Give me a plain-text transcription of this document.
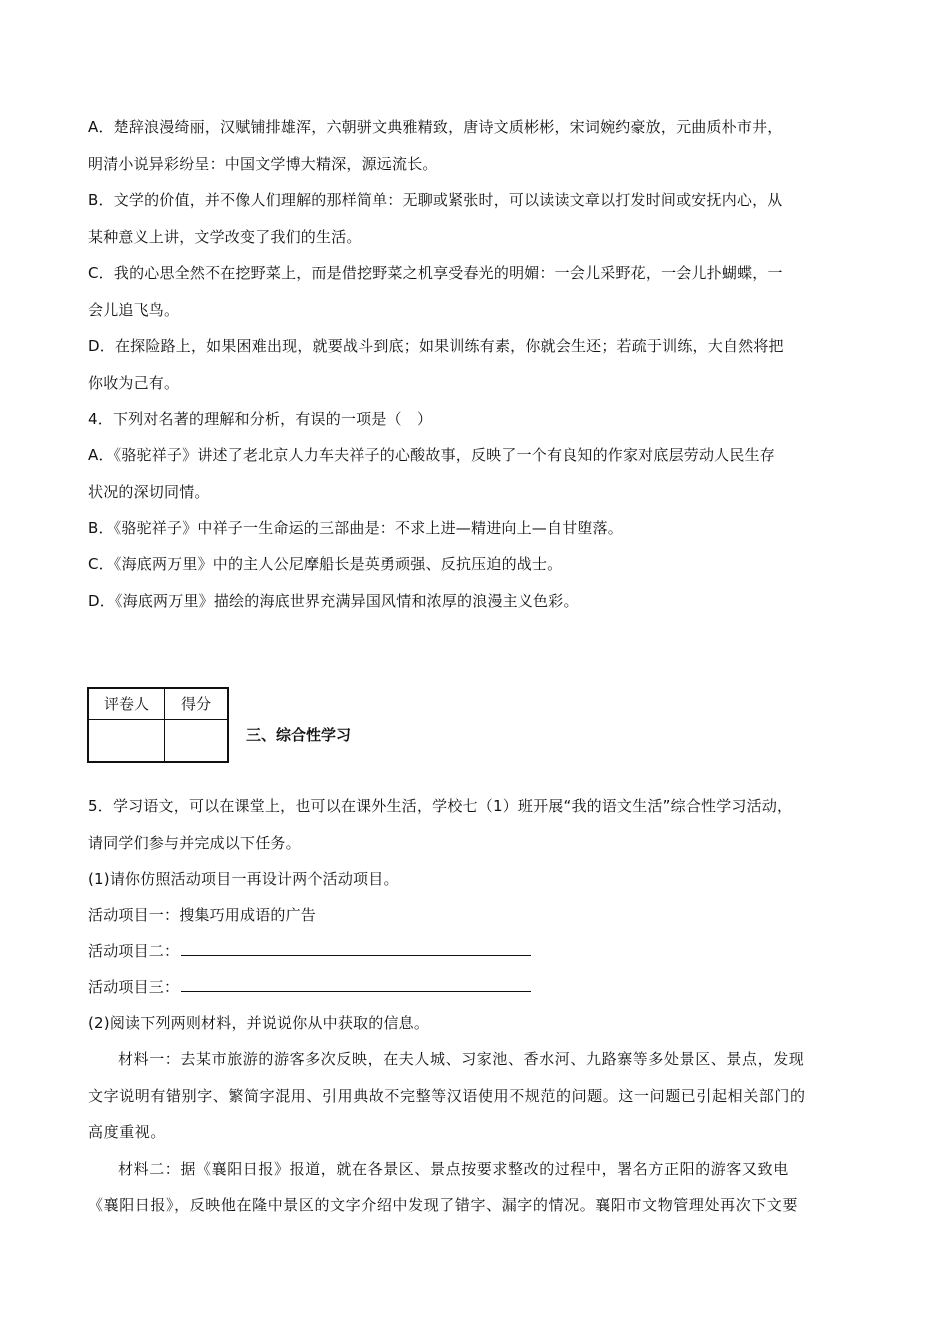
A．楚辞浪漫绮丽，汉赋铺排雄浑，六朝骈文典雅精致，唐诗文质彬彬，宋词婉约豪放，元曲质朴市井，
明清小说异彩纷呈：中国文学博大精深，源远流长。
B．文学的价值，并不像人们理解的那样简单：无聊或紧张时，可以读读文章以打发时间或安抚内心，从
某种意义上讲，文学改变了我们的生活。
C．我的心思全然不在挖野菜上，而是借挖野菜之机享受春光的明媚：一会儿采野花，一会儿扑蝴蝶，一
会儿追飞鸟。
D．在探险路上，如果困难出现，就要战斗到底；如果训练有素，你就会生还；若疏于训练，大自然将把
你收为己有。
4．下列对名著的理解和分析，有误的一项是（　）
A．《骆驼祥子》讲述了老北京人力车夫祥子的心酸故事，反映了一个有良知的作家对底层劳动人民生存
状况的深切同情。
B．《骆驼祥子》中祥子一生命运的三部曲是：不求上进—精进向上—自甘堕落。
C．《海底两万里》中的主人公尼摩船长是英勇顽强、反抗压迫的战士。
D．《海底两万里》描绘的海底世界充满异国风情和浓厚的浪漫主义色彩。
评卷人	得分

三、综合性学习
5．学习语文，可以在课堂上，也可以在课外生活，学校七（1）班开展“我的语文生活”综合性学习活动，
请同学们参与并完成以下任务。
(1)请你仿照活动项目一再设计两个活动项目。
活动项目一：搜集巧用成语的广告
活动项目二：
活动项目三：
(2)阅读下列两则材料，并说说你从中获取的信息。
材料一：去某市旅游的游客多次反映，在夫人城、习家池、香水河、九路寨等多处景区、景点，发现
文字说明有错别字、繁简字混用、引用典故不完整等汉语使用不规范的问题。这一问题已引起相关部门的
高度重视。
材料二：据《襄阳日报》报道，就在各景区、景点按要求整改的过程中，署名方正阳的游客又致电
《襄阳日报》，反映他在隆中景区的文字介绍中发现了错字、漏字的情况。襄阳市文物管理处再次下文要
